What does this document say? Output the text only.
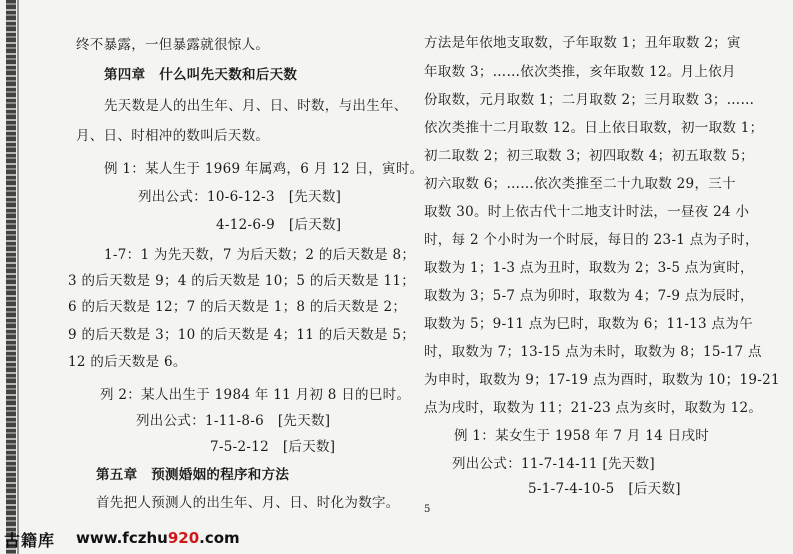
终不暴露，一但暴露就很惊人。
第四章　什么叫先天数和后天数
先天数是人的出生年、月、日、时数，与出生年、
月、日、时相冲的数叫后天数。
例 1：某人生于 1969 年属鸡，6 月 12 日，寅时。
列出公式：10-6-12-3　[先天数]
4-12-6-9　[后天数]
1-7：1 为先天数，7 为后天数；2 的后天数是 8；
3 的后天数是 9；4 的后天数是 10；5 的后天数是 11；
6 的后天数是 12；7 的后天数是 1；8 的后天数是 2；
9 的后天数是 3；10 的后天数是 4；11 的后天数是 5；
12 的后天数是 6。
列 2：某人出生于 1984 年 11 月初 8 日的巳时。
列出公式：1-11-8-6　[先天数]
7-5-2-12　[后天数]
第五章　预测婚姻的程序和方法
首先把人预测人的出生年、月、日、时化为数字。
方法是年依地支取数，子年取数 1；丑年取数 2；寅
年取数 3；……依次类推，亥年取数 12。月上依月
份取数，元月取数 1；二月取数 2；三月取数 3；……
依次类推十二月取数 12。日上依日取数，初一取数 1；
初二取数 2；初三取数 3；初四取数 4；初五取数 5；
初六取数 6；……依次类推至二十九取数 29，三十
取数 30。时上依古代十二地支计时法，一昼夜 24 小
时，每 2 个小时为一个时辰，每日的 23-1 点为子时，
取数为 1；1-3 点为丑时，取数为 2；3-5 点为寅时，
取数为 3；5-7 点为卯时，取数为 4；7-9 点为辰时，
取数为 5；9-11 点为巳时，取数为 6；11-13 点为午
时，取数为 7；13-15 点为未时，取数为 8；15-17 点
为申时，取数为 9；17-19 点为酉时，取数为 10；19-21
点为戌时，取数为 11；21-23 点为亥时，取数为 12。
例 1：某女生于 1958 年 7 月 14 日戌时
列出公式：11-7-14-11 [先天数]
5-1-7-4-10-5　[后天数]
5
古籍库 www.fczhu920.com
